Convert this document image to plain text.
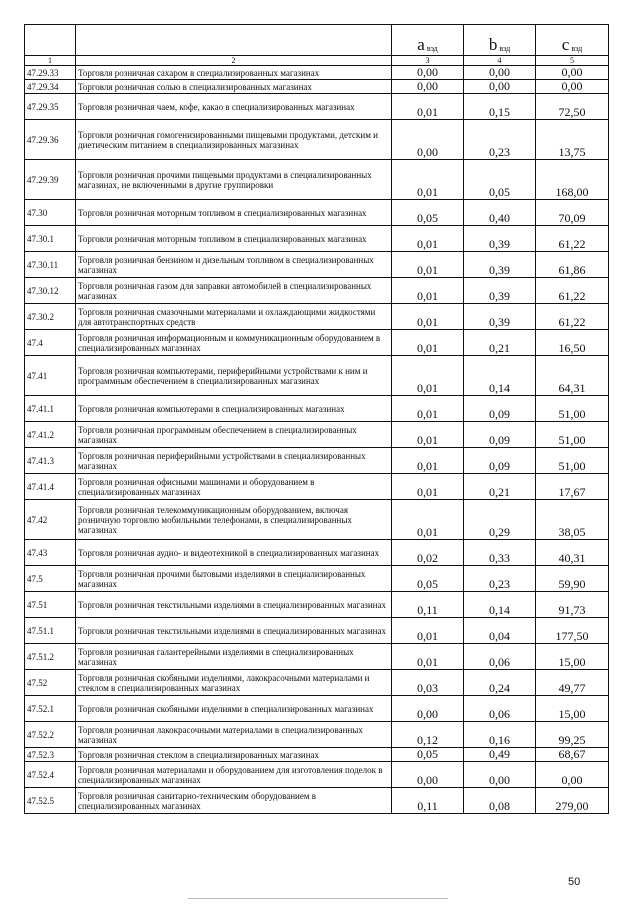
		a $_{вэд}$	b $_{вэд}$	c $_{вэд}$
1	2	3	4	5
47.29.33	Торговля розничная сахаром в специализированных магазинах	0,00	0,00	0,00
47.29.34	Торговля розничная солью в специализированных магазинах	0,00	0,00	0,00
47.29.35	Торговля розничная чаем, кофе, какао в специализированных магазинах	0,01	0,15	72,50
47.29.36	Торговля розничная гомогенизированными пищевыми продуктами, детским и диетическим питанием в специализированных магазинах	0,00	0,23	13,75
47.29.39	Торговля розничная прочими пищевыми продуктами в специализированных магазинах, не включенными в другие группировки	0,01	0,05	168,00
47.30	Торговля розничная моторным топливом в специализированных магазинах	0,05	0,40	70,09
47.30.1	Торговля розничная моторным топливом в специализированных магазинах	0,01	0,39	61,22
47.30.11	Торговля розничная бензином и дизельным топливом в специализированных магазинах	0,01	0,39	61,86
47.30.12	Торговля розничная газом для заправки автомобилей в специализированных магазинах	0,01	0,39	61,22
47.30.2	Торговля розничная смазочными материалами и охлаждающими жидкостями для автотранспортных средств	0,01	0,39	61,22
47.4	Торговля розничная информационным и коммуникационным оборудованием в специализированных магазинах	0,01	0,21	16,50
47.41	Торговля розничная компьютерами, периферийными устройствами к ним и программным обеспечением в специализированных магазинах	0,01	0,14	64,31
47.41.1	Торговля розничная компьютерами в специализированных магазинах	0,01	0,09	51,00
47.41.2	Торговля розничная программным обеспечением в специализированных магазинах	0,01	0,09	51,00
47.41.3	Торговля розничная периферийными устройствами в специализированных магазинах	0,01	0,09	51,00
47.41.4	Торговля розничная офисными машинами и оборудованием в специализированных магазинах	0,01	0,21	17,67
47.42	Торговля розничная телекоммуникационным оборудованием, включая розничную торговлю мобильными телефонами, в специализированных магазинах	0,01	0,29	38,05
47.43	Торговля розничная аудио- и видеотехникой в специализированных магазинах	0,02	0,33	40,31
47.5	Торговля розничная прочими бытовыми изделиями в специализированных магазинах	0,05	0,23	59,90
47.51	Торговля розничная текстильными изделиями в специализированных магазинах	0,11	0,14	91,73
47.51.1	Торговля розничная текстильными изделиями в специализированных магазинах	0,01	0,04	177,50
47.51.2	Торговля розничная галантерейными изделиями в специализированных магазинах	0,01	0,06	15,00
47.52	Торговля розничная скобяными изделиями, лакокрасочными материалами и стеклом в специализированных магазинах	0,03	0,24	49,77
47.52.1	Торговля розничная скобяными изделиями в специализированных магазинах	0,00	0,06	15,00
47.52.2	Торговля розничная лакокрасочными материалами в специализированных магазинах	0,12	0,16	99,25
47.52.3	Торговля розничная стеклом в специализированных магазинах	0,05	0,49	68,67
47.52.4	Торговля розничная материалами и оборудованием для изготовления поделок в специализированных магазинах	0,00	0,00	0,00
47.52.5	Торговля розничная санитарно-техническим оборудованием в специализированных магазинах	0,11	0,08	279,00
50
